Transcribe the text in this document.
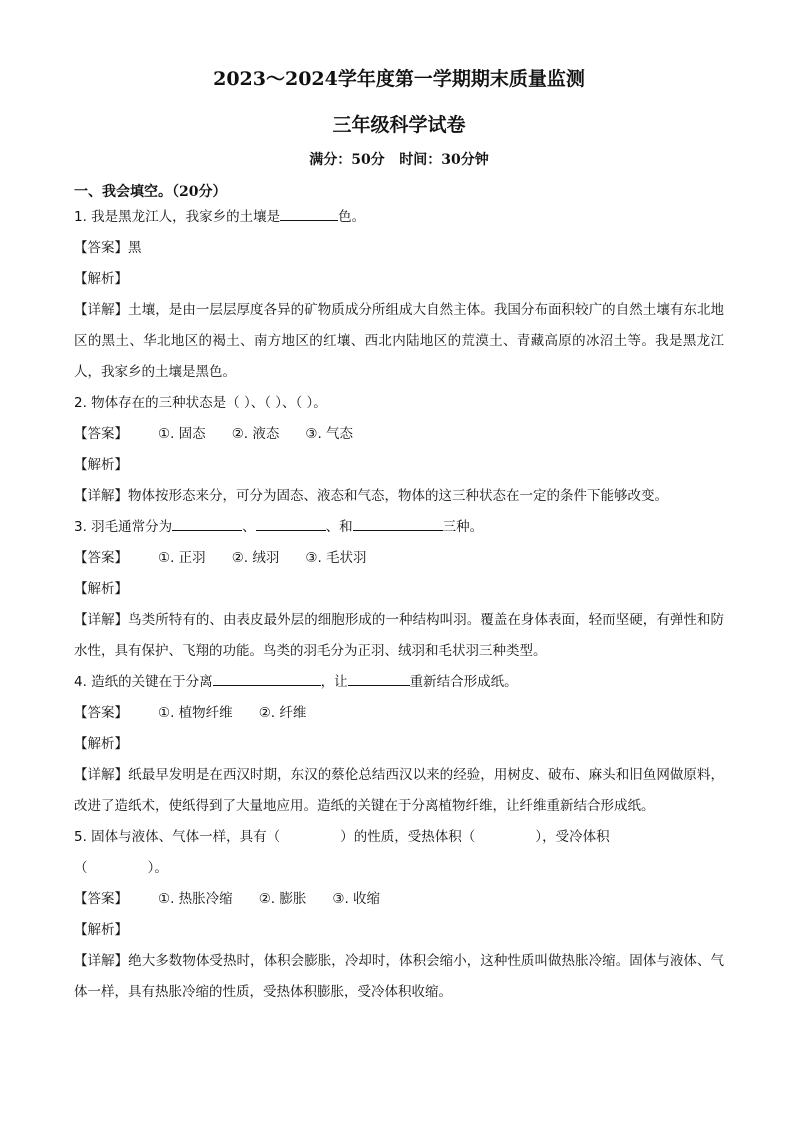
2023～2024学年度第一学期期末质量监测
三年级科学试卷
满分：50分   时间：30分钟
一、我会填空。（20分）
1. 我是黑龙江人，我家乡的土壤是	色。
【答案】黑
【解析】
【详解】土壤，是由一层层厚度各异的矿物质成分所组成大自然主体。我国分布面积较广的自然土壤有东北地区的黑土、华北地区的褐土、南方地区的红壤、西北内陆地区的荒漠土、青藏高原的冰沼土等。我是黑龙江人，我家乡的土壤是黑色。
2. 物体存在的三种状态是（ ）、（ ）、（ ）。
【答案】 ①. 固态 ②. 液态 ③. 气态
【解析】
【详解】物体按形态来分，可分为固态、液态和气态，物体的这三种状态在一定的条件下能够改变。
3. 羽毛通常分为	、	、和	三种。
【答案】 ①. 正羽 ②. 绒羽 ③. 毛状羽
【解析】
【详解】鸟类所特有的、由表皮最外层的细胞形成的一种结构叫羽。覆盖在身体表面，轻而坚硬，有弹性和防水性，具有保护、飞翔的功能。鸟类的羽毛分为正羽、绒羽和毛状羽三种类型。
4. 造纸的关键在于分离	，让	重新结合形成纸。
【答案】 ①. 植物纤维 ②. 纤维
【解析】
【详解】纸最早发明是在西汉时期，东汉的蔡伦总结西汉以来的经验，用树皮、破布、麻头和旧鱼网做原料，改进了造纸术，使纸得到了大量地应用。造纸的关键在于分离植物纤维，让纤维重新结合形成纸。
5. 固体与液体、气体一样，具有（              ）的性质，受热体积（              ），受冷体积
（              ）。
【答案】 ①. 热胀冷缩 ②. 膨胀 ③. 收缩
【解析】
【详解】绝大多数物体受热时，体积会膨胀，冷却时，体积会缩小，这种性质叫做热胀冷缩。固体与液体、气体一样，具有热胀冷缩的性质，受热体积膨胀，受冷体积收缩。
